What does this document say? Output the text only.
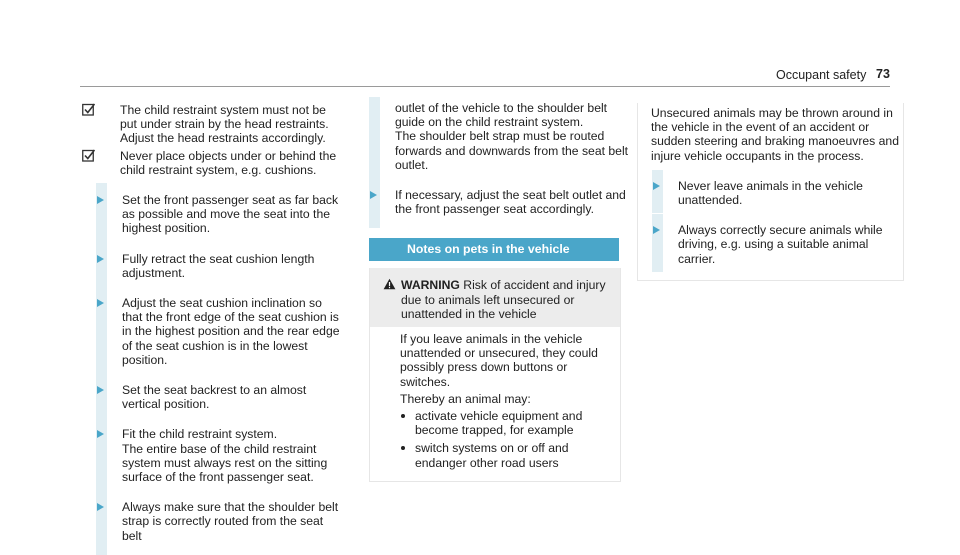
Occupant safety 73
The child restraint system must not be put under strain by the head restraints. Adjust the head restraints accordingly.
Never place objects under or behind the child restraint system, e.g. cushions.

Set the front passenger seat as far back as possible and move the seat into the highest position.

Fully retract the seat cushion length adjustment.

Adjust the seat cushion inclination so that the front edge of the seat cushion is in the highest position and the rear edge of the seat cushion is in the lowest position.

Set the seat backrest to an almost vertical position.

Fit the child restraint system.

The entire base of the child restraint system must always rest on the sitting surface of the front passenger seat.

Always make sure that the shoulder belt strap is correctly routed from the seat belt

outlet of the vehicle to the shoulder belt guide on the child restraint system.

The shoulder belt strap must be routed forwards and downwards from the seat belt outlet.

If necessary, adjust the seat belt outlet and the front passenger seat accordingly.

Notes on pets in the vehicle
WARNING Risk of accident and injury due to animals left unsecured or unattended in the vehicle

If you leave animals in the vehicle unattended or unsecured, they could possibly press down buttons or switches.

Thereby an animal may:

activate vehicle equipment and become trapped, for example
switch systems on or off and endanger other road users

Unsecured animals may be thrown around in the vehicle in the event of an accident or sudden steering and braking manoeuvres and injure vehicle occupants in the process.

Never leave animals in the vehicle unattended.

Always correctly secure animals while driving, e.g. using a suitable animal carrier.
